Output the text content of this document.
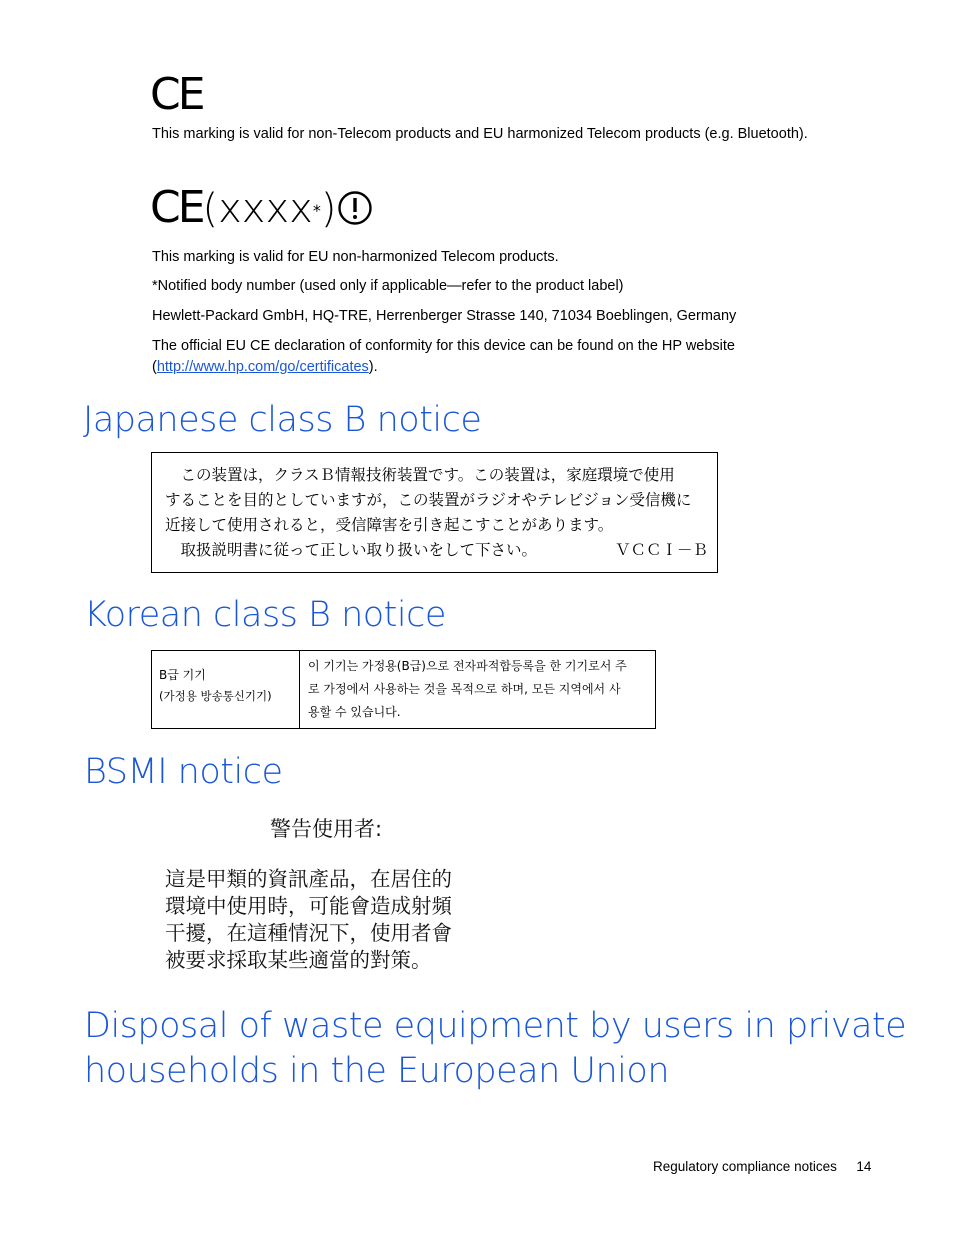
CE
This marking is valid for non-Telecom products and EU harmonized Telecom products (e.g. Bluetooth).
CE(xxxx*)
This marking is valid for EU non-harmonized Telecom products.
*Notified body number (used only if applicable—refer to the product label)
Hewlett-Packard GmbH, HQ-TRE, Herrenberger Strasse 140, 71034 Boeblingen, Germany
The official EU CE declaration of conformity for this device can be found on the HP website
(http://www.hp.com/go/certificates).
Japanese class B notice
　この装置は，クラスＢ情報技術装置です。この装置は，家庭環境で使用
することを目的としていますが，この装置がラジオやテレビジョン受信機に
近接して使用されると，受信障害を引き起こすことがあります。
　取扱説明書に従って正しい取り扱いをして下さい。	ＶＣＣＩ－Ｂ
Korean class B notice
B급 기기
(가정용 방송통신기기)

이 기기는 가정용(B급)으로 전자파적합등록을 한 기기로서 주
로 가정에서 사용하는 것을 목적으로 하며, 모든 지역에서 사
용할 수 있습니다.
BSMI notice
警告使用者:
這是甲類的資訊產品，在居住的
環境中使用時，可能會造成射頻
干擾，在這種情況下，使用者會
被要求採取某些適當的對策。
Disposal of waste equipment by users in private
households in the European Union
Regulatory compliance notices 14
